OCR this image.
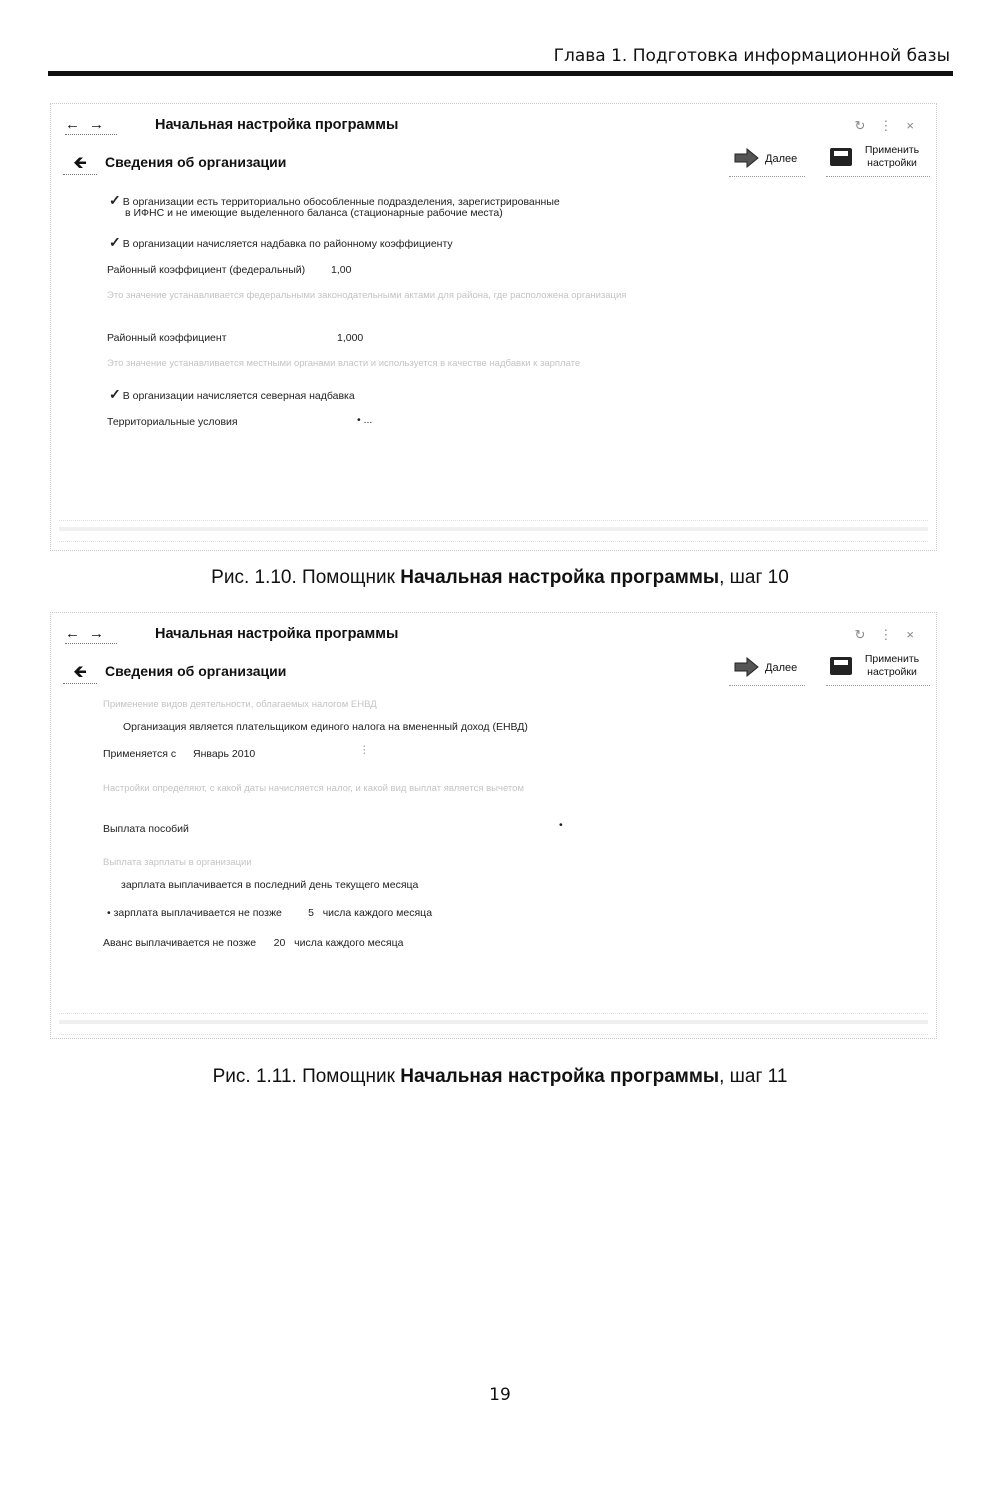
Глава 1. Подготовка информационной базы
← →	Начальная настройка программы	↻⋮×
🡸	Сведения об организации	Далее
Применить
настройки
✓ В организации есть территориально обособленные подразделения, зарегистрированные
в ИФНС и не имеющие выделенного баланса (стационарные рабочие места)
✓ В организации начисляется надбавка по районному коэффициенту
Районный коэффициент (федеральный) 1,00
Это значение устанавливается федеральными законодательными актами для района, где расположена организация
Районный коэффициент	1,000
Это значение устанавливается местными органами власти и используется в качестве надбавки к зарплате
✓ В организации начисляется северная надбавка
Территориальные условия	• ...
Рис. 1.10. Помощник Начальная настройка программы, шаг 10
← →	Начальная настройка программы	↻⋮×
🡸	Сведения об организации	Далее
Применить
настройки
Применение видов деятельности, облагаемых налогом ЕНВД
Организация является плательщиком единого налога на вмененный доход (ЕНВД)
Применяется с Январь 2010	⋮
Настройки определяют, с какой даты начисляется налог, и какой вид выплат является вычетом
Выплата пособий	•
Выплата зарплаты в организации
зарплата выплачивается в последний день текущего месяца
• зарплата выплачивается не позже	5 числа каждого месяца
Аванс выплачивается не позже 20 числа каждого месяца
Рис. 1.11. Помощник Начальная настройка программы, шаг 11
19
